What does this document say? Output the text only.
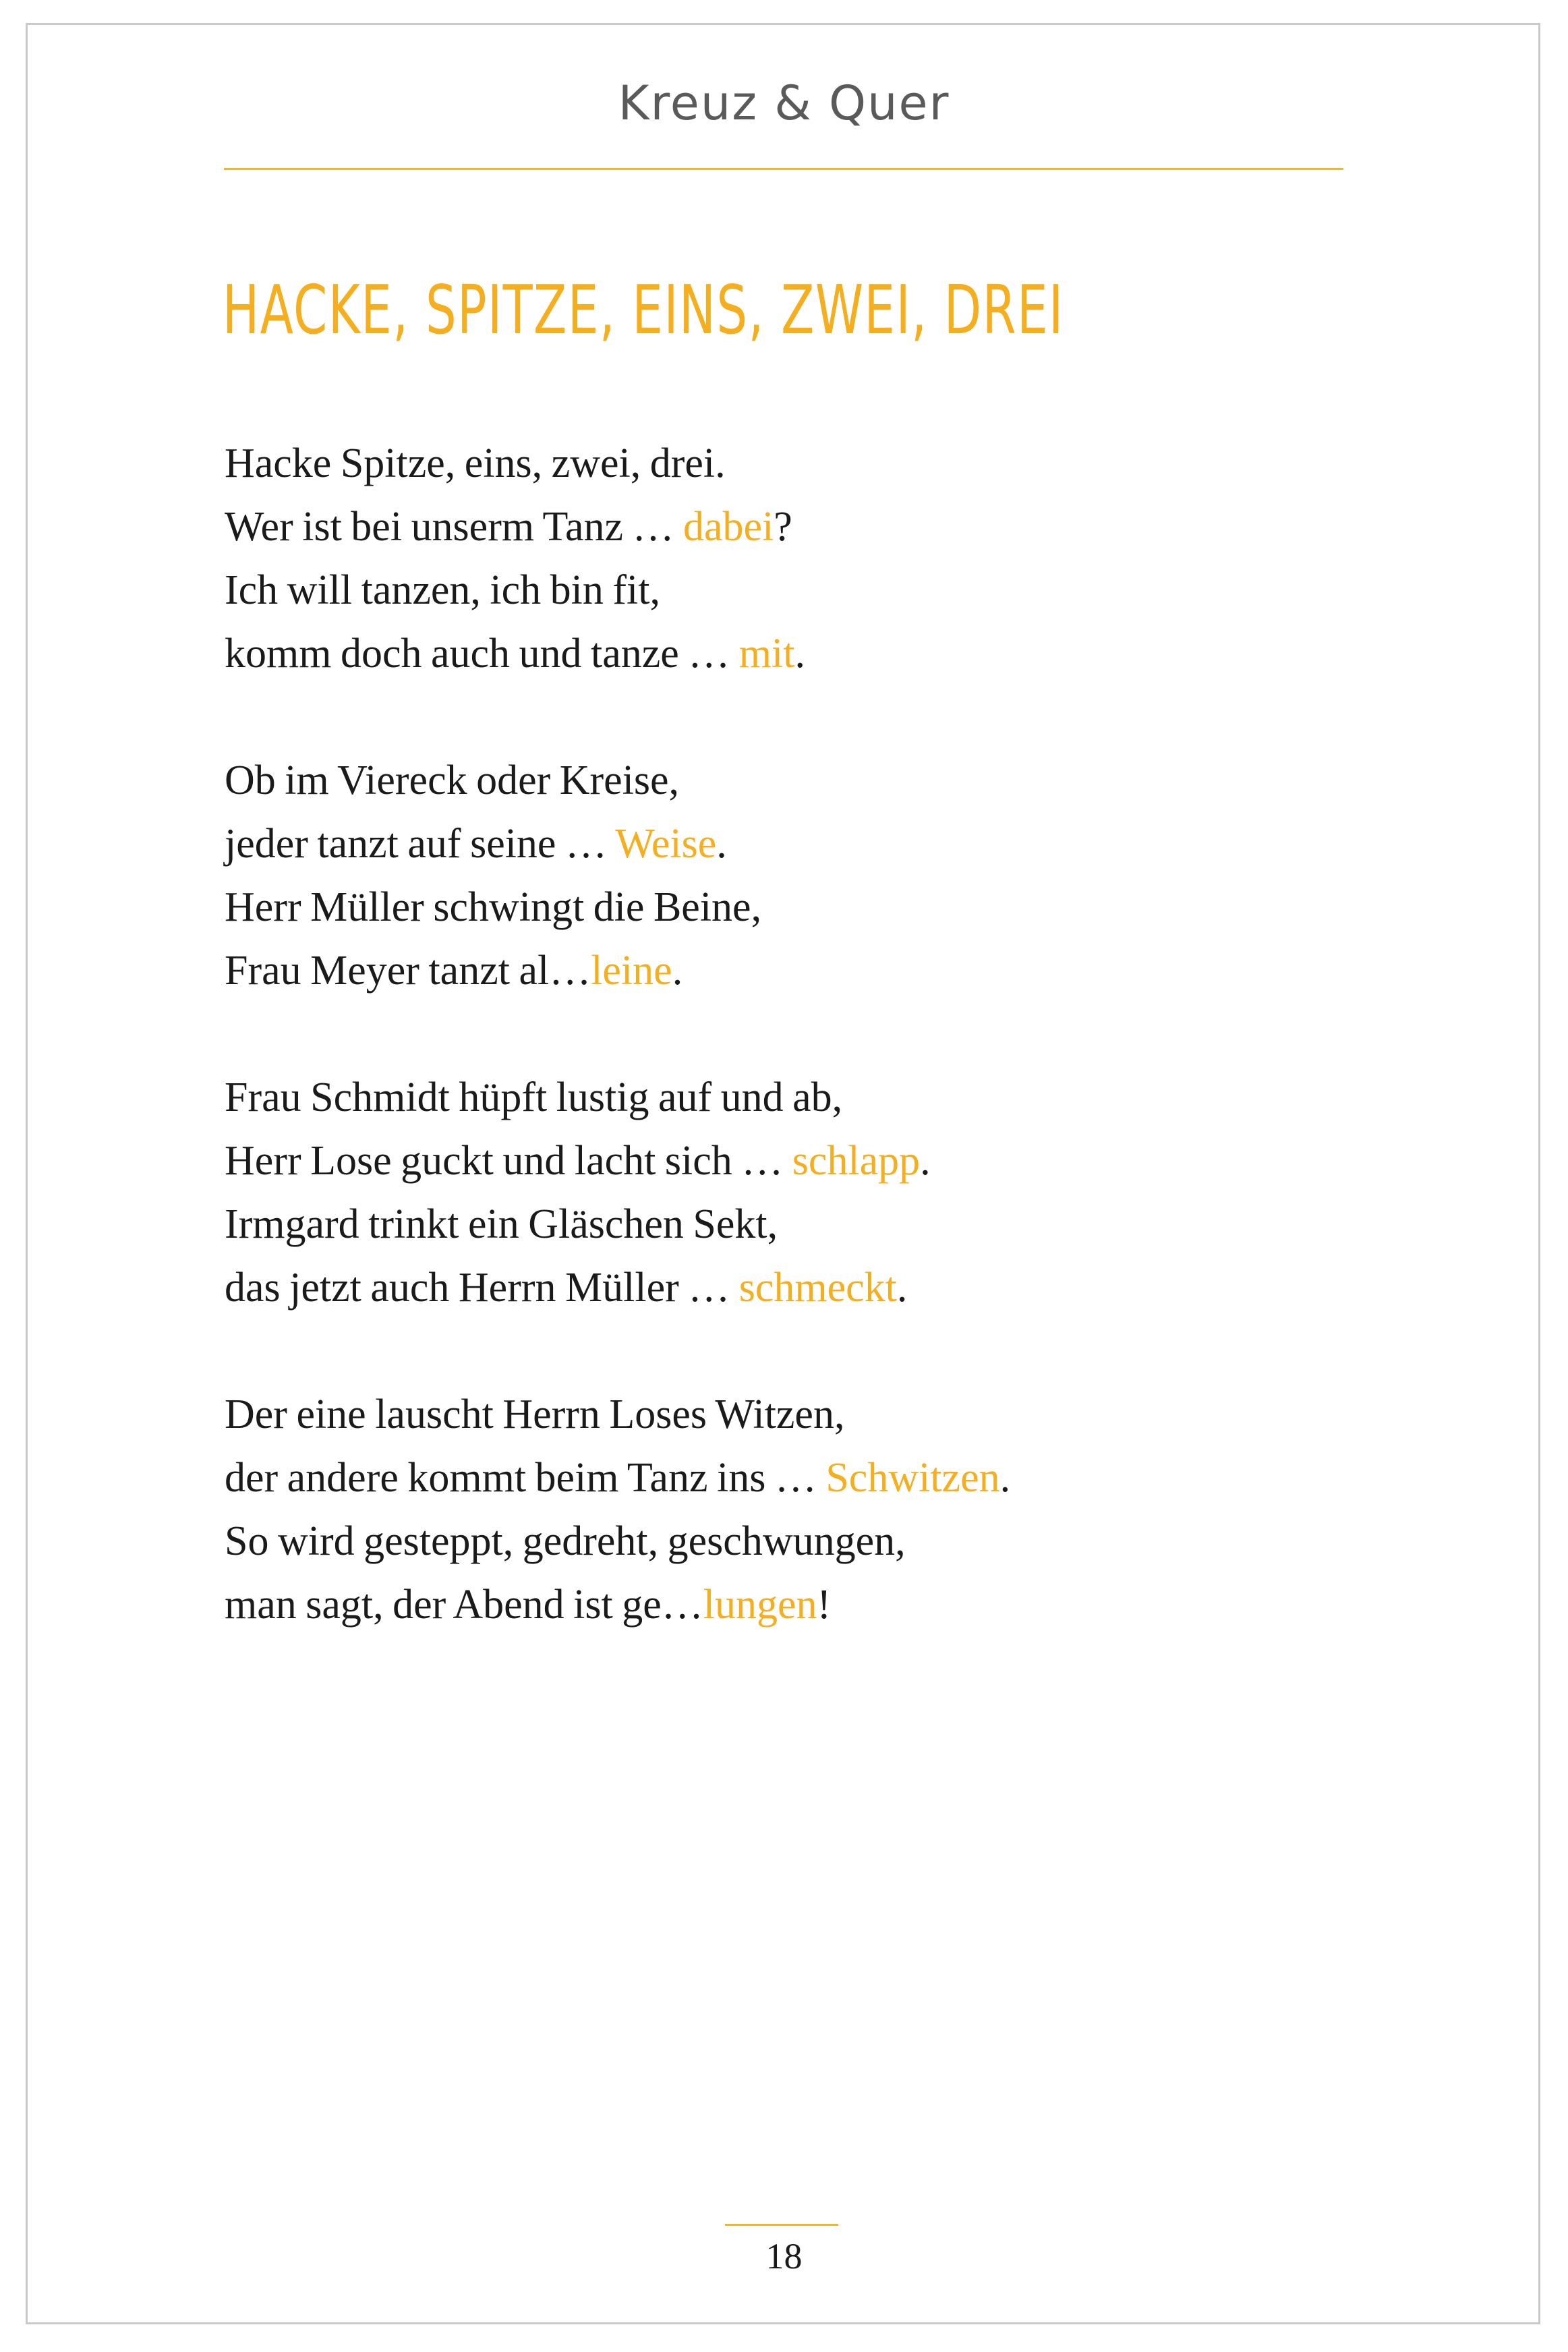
Kreuz & Quer
HACKE, SPITZE, EINS, ZWEI, DREI
Hacke Spitze, eins, zwei, drei.
Wer ist bei unserm Tanz … dabei?
Ich will tanzen, ich bin fit,
komm doch auch und tanze … mit.
Ob im Viereck oder Kreise,
jeder tanzt auf seine … Weise.
Herr Müller schwingt die Beine,
Frau Meyer tanzt al…leine.
Frau Schmidt hüpft lustig auf und ab,
Herr Lose guckt und lacht sich … schlapp.
Irmgard trinkt ein Gläschen Sekt,
das jetzt auch Herrn Müller … schmeckt.
Der eine lauscht Herrn Loses Witzen,
der andere kommt beim Tanz ins … Schwitzen.
So wird gesteppt, gedreht, geschwungen,
man sagt, der Abend ist ge…lungen!
18
